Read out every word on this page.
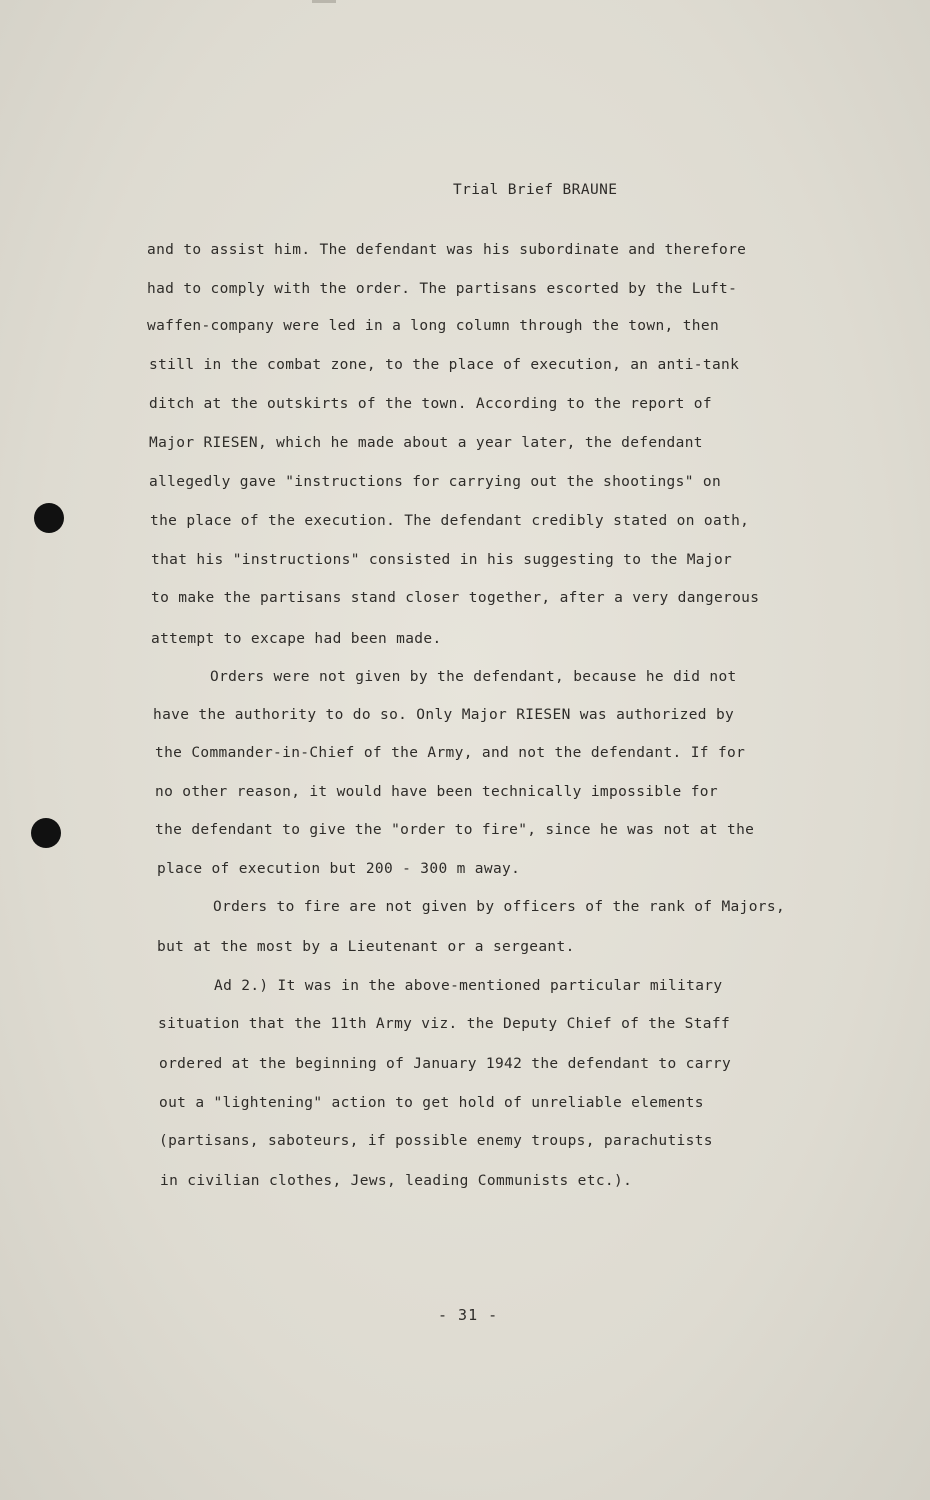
Trial Brief BRAUNE
and to assist him. The defendant was his subordinate and therefore
had to comply with the order. The partisans escorted by the Luft-
waffen-company were led in a long column through the town, then
still in the combat zone, to the place of execution, an anti-tank
ditch at the outskirts of the town. According to the report of
Major RIESEN, which he made about a year later, the defendant
allegedly gave "instructions for carrying out the shootings" on
the place of the execution. The defendant credibly stated on oath,
that his "instructions" consisted in his suggesting to the Major
to make the partisans stand closer together, after a very dangerous
attempt to excape had been made.
Orders were not given by the defendant, because he did not
have the authority to do so. Only Major RIESEN was authorized by
the Commander-in-Chief of the Army, and not the defendant. If for
no other reason, it would have been technically impossible for
the defendant to give the "order to fire", since he was not at the
place of execution but 200 - 300 m away.
Orders to fire are not given by officers of the rank of Majors,
but at the most by a Lieutenant or a sergeant.
Ad 2.) It was in the above-mentioned particular military
situation that the 11th Army viz. the Deputy Chief of the Staff
ordered at the beginning of January 1942 the defendant to carry
out a "lightening" action to get hold of unreliable elements
(partisans, saboteurs, if possible enemy troups, parachutists
in civilian clothes, Jews, leading Communists etc.).
- 31 -
